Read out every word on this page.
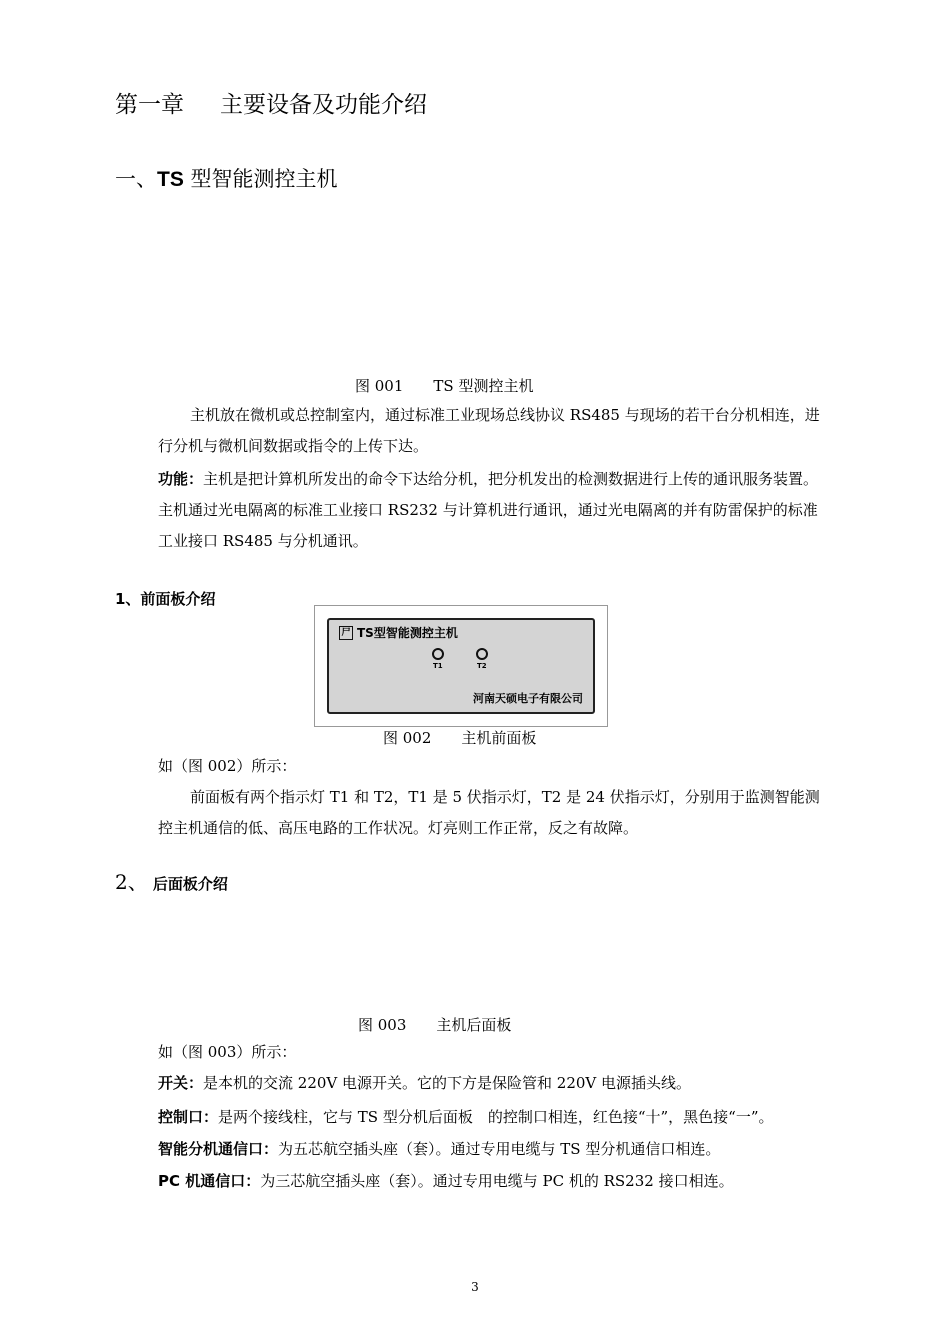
第一章 主要设备及功能介绍
一、TS 型智能测控主机
图 001 TS 型测控主机
主机放在微机或总控制室内，通过标准工业现场总线协议 RS485 与现场的若干台分机相连，进行分机与微机间数据或指令的上传下达。
功能：主机是把计算机所发出的命令下达给分机，把分机发出的检测数据进行上传的通讯服务装置。主机通过光电隔离的标准工业接口 RS232 与计算机进行通讯，通过光电隔离的并有防雷保护的标准工业接口 RS485 与分机通讯。
1、前面板介绍
尸 TS型智能测控主机
T1	T2
河南天硕电子有限公司
图 002 主机前面板
如（图 002）所示：
前面板有两个指示灯 T1 和 T2，T1 是 5 伏指示灯，T2 是 24 伏指示灯，分别用于监测智能测控主机通信的低、高压电路的工作状况。灯亮则工作正常，反之有故障。
2、 后面板介绍
图 003 主机后面板
如（图 003）所示：
开关：是本机的交流 220V 电源开关。它的下方是保险管和 220V 电源插头线。
控制口：是两个接线柱，它与 TS 型分机后面板　的控制口相连，红色接“十”，黑色接“一”。
智能分机通信口：为五芯航空插头座（套）。通过专用电缆与 TS 型分机通信口相连。
PC 机通信口：为三芯航空插头座（套）。通过专用电缆与 PC 机的 RS232 接口相连。
3
